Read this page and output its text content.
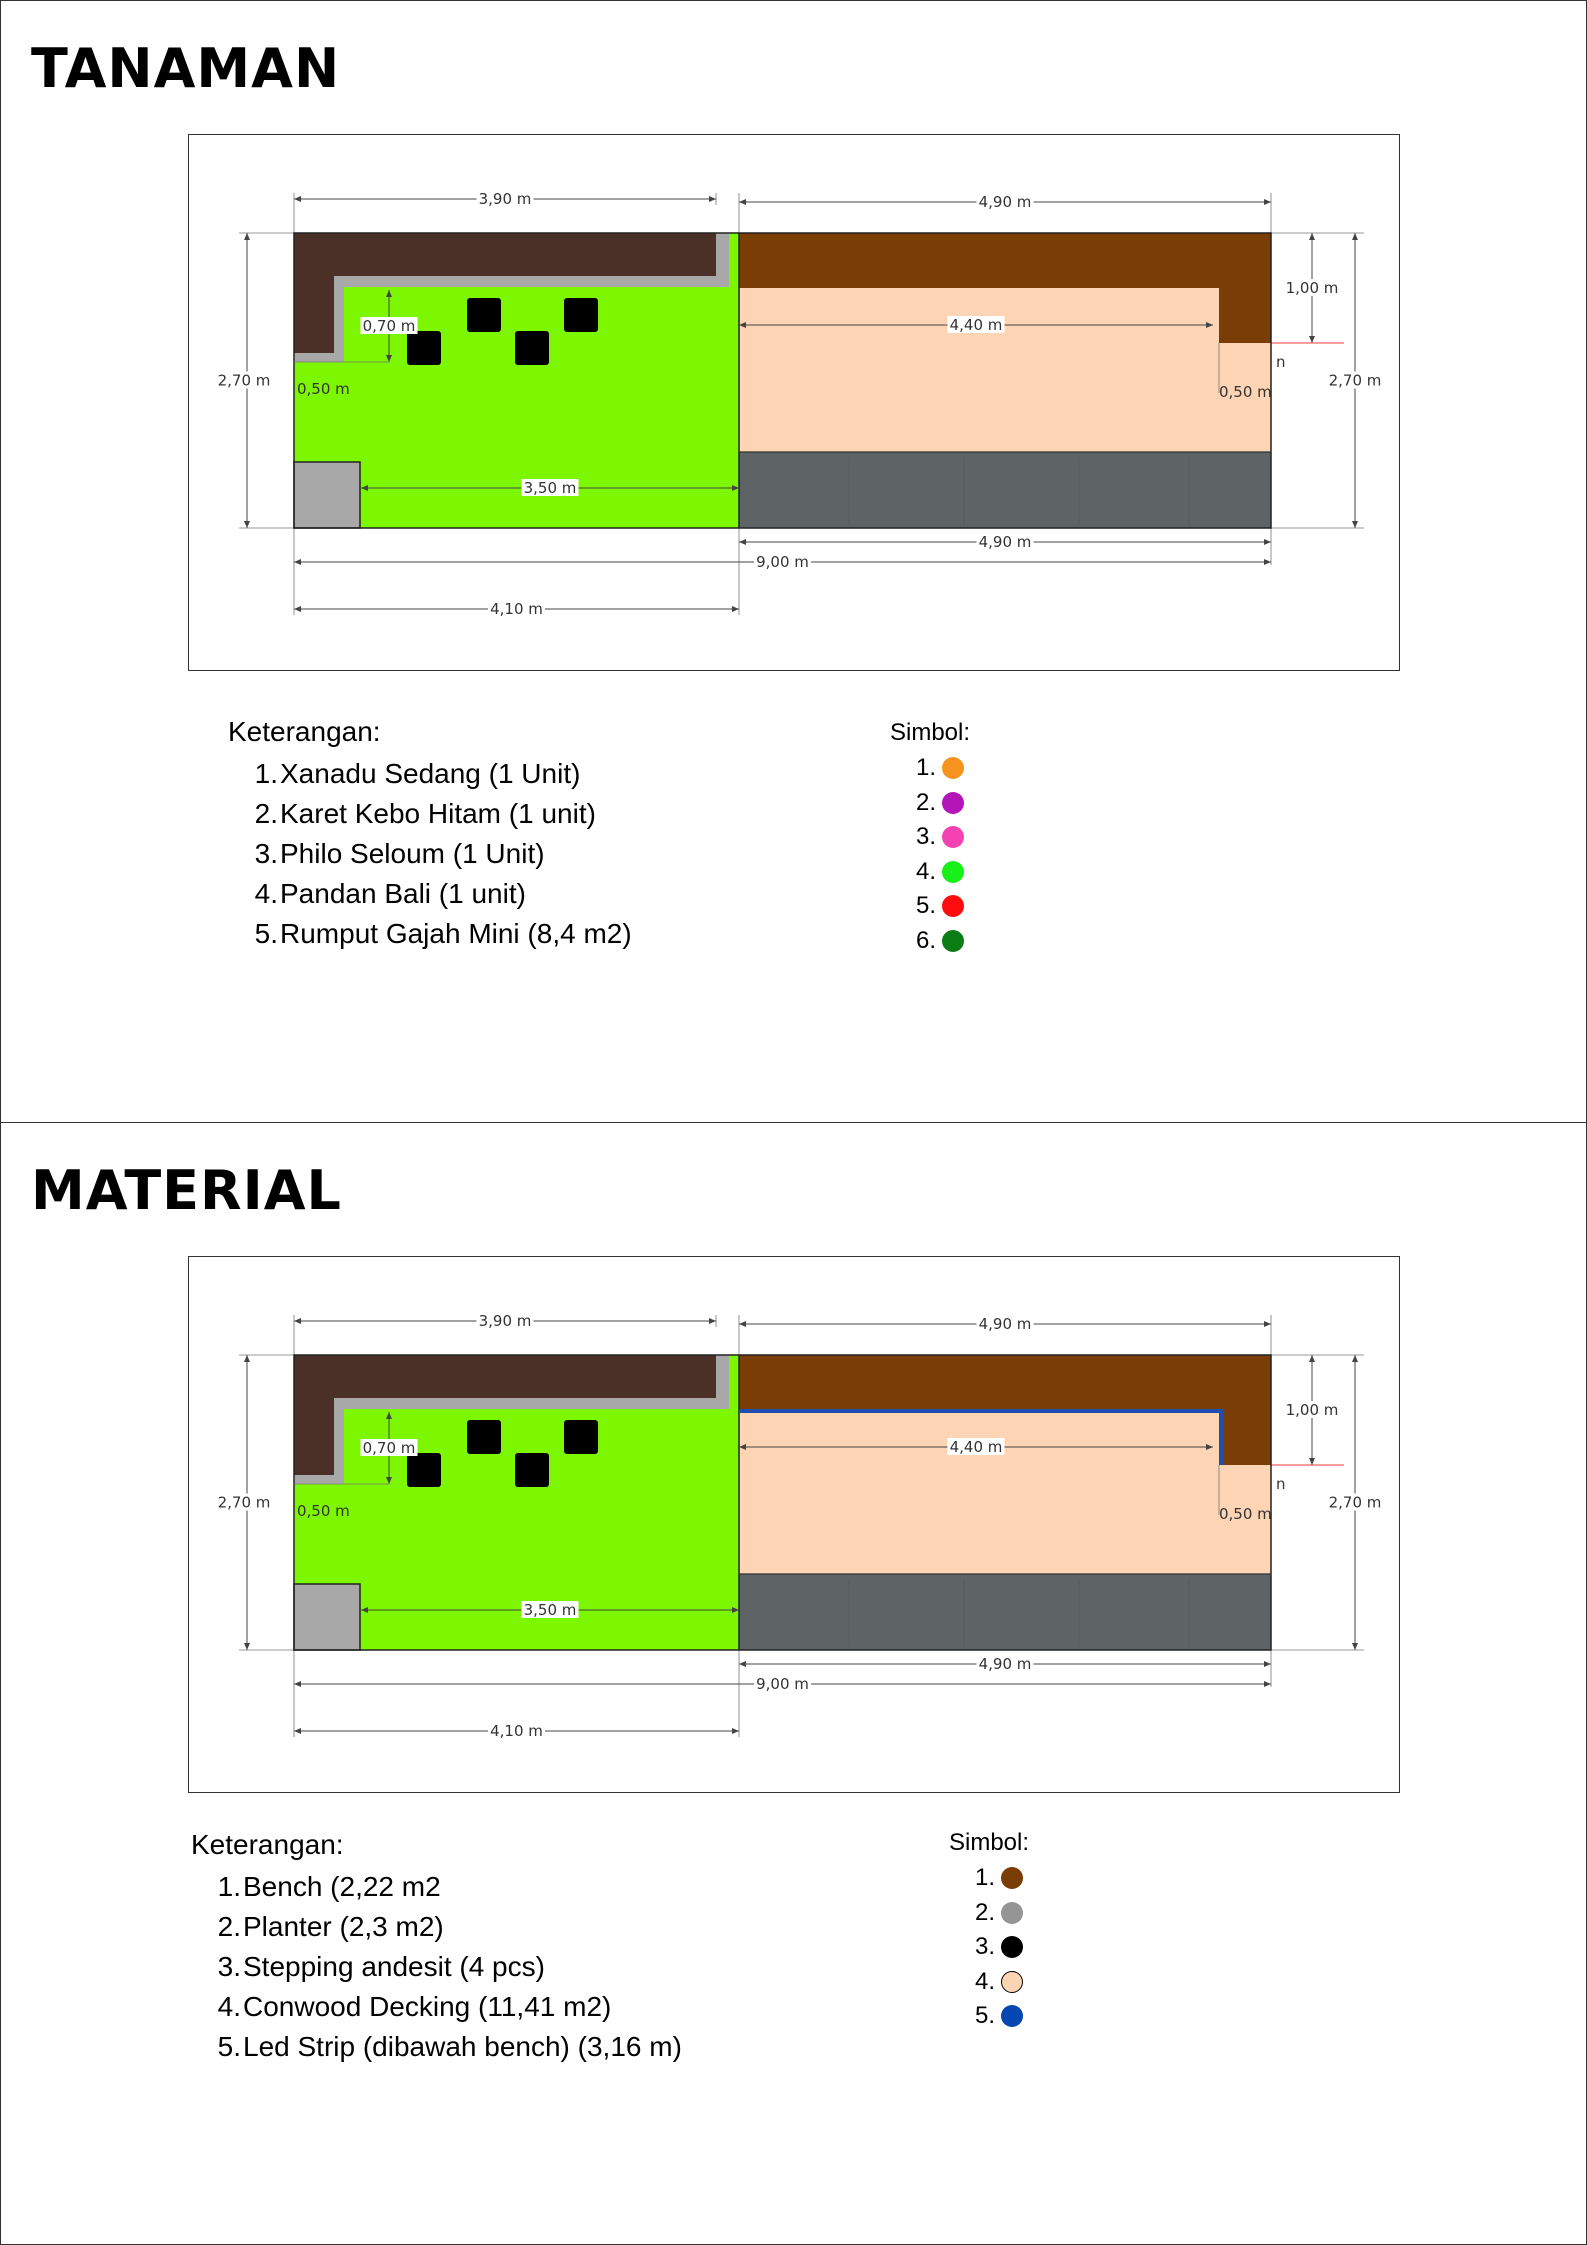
TANAMAN
n
3,90 m	4,90 m
2,70 m	2,70 m
1,00 m
0,70 m
0,50 m	0,50 m
4,40 m
3,50 m
4,90 m
9,00 m
4,10 m
Keterangan:
1. Xanadu Sedang (1 Unit)
2. Karet Kebo Hitam (1 unit)
3. Philo Seloum (1 Unit)
4. Pandan Bali (1 unit)
5. Rumput Gajah Mini (8,4 m2)
Simbol:
1.
2.
3.
4.
5.
6.
MATERIAL
n
3,90 m	4,90 m
2,70 m	2,70 m
1,00 m
0,70 m
0,50 m	0,50 m
4,40 m
3,50 m
4,90 m
9,00 m
4,10 m
Keterangan:
1. Bench (2,22 m2
2. Planter (2,3 m2)
3. Stepping andesit (4 pcs)
4. Conwood Decking (11,41 m2)
5. Led Strip (dibawah bench) (3,16 m)
Simbol:
1.
2.
3.
4.
5.
